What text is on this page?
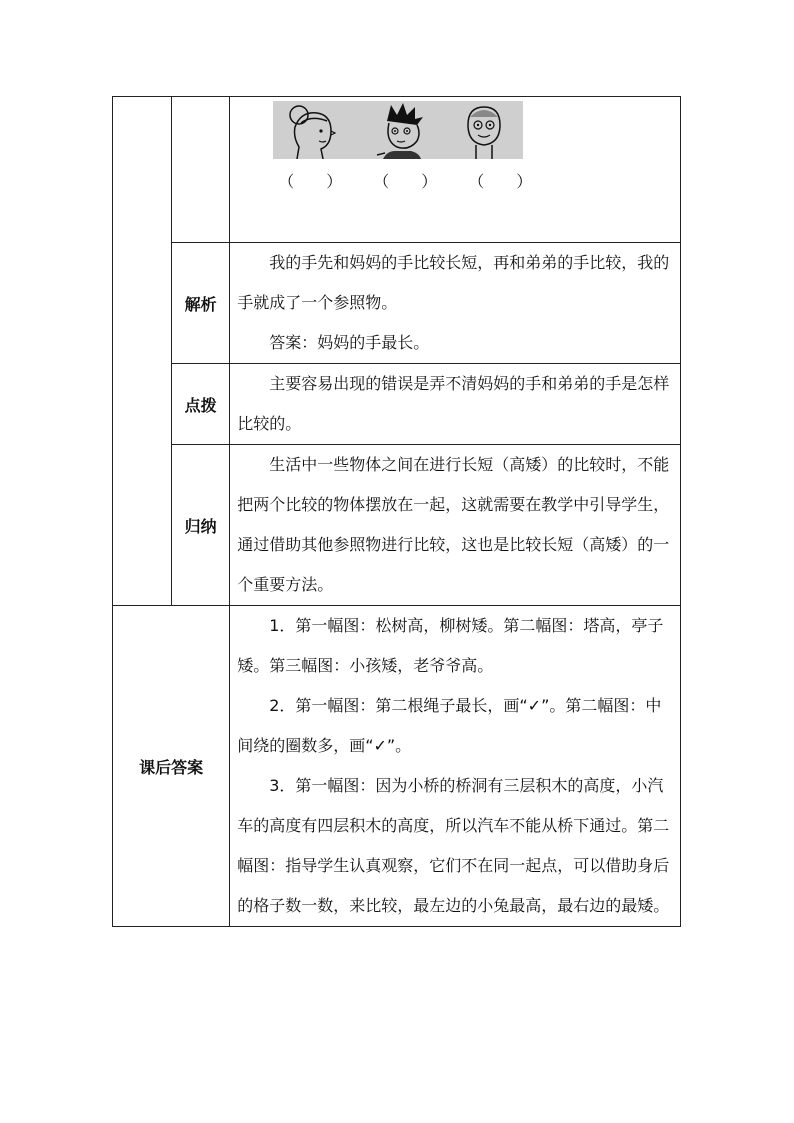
		（　　） （　　） （　　）

	解析	我的手先和妈妈的手比较长短，再和弟弟的手比较，我的手就成了一个参照物。

答案：妈妈的手最长。

	点拨	主要容易出现的错误是弄不清妈妈的手和弟弟的手是怎样比较的。

	归纳	生活中一些物体之间在进行长短（高矮）的比较时，不能把两个比较的物体摆放在一起，这就需要在教学中引导学生，通过借助其他参照物进行比较，这也是比较长短（高矮）的一个重要方法。

课后答案		1．第一幅图：松树高，柳树矮。第二幅图：塔高，亭子矮。第三幅图：小孩矮，老爷爷高。

2．第一幅图：第二根绳子最长，画“✓”。第二幅图：中间绕的圈数多，画“✓”。

3．第一幅图：因为小桥的桥洞有三层积木的高度，小汽车的高度有四层积木的高度，所以汽车不能从桥下通过。第二幅图：指导学生认真观察，它们不在同一起点，可以借助身后的格子数一数，来比较，最左边的小兔最高，最右边的最矮。
